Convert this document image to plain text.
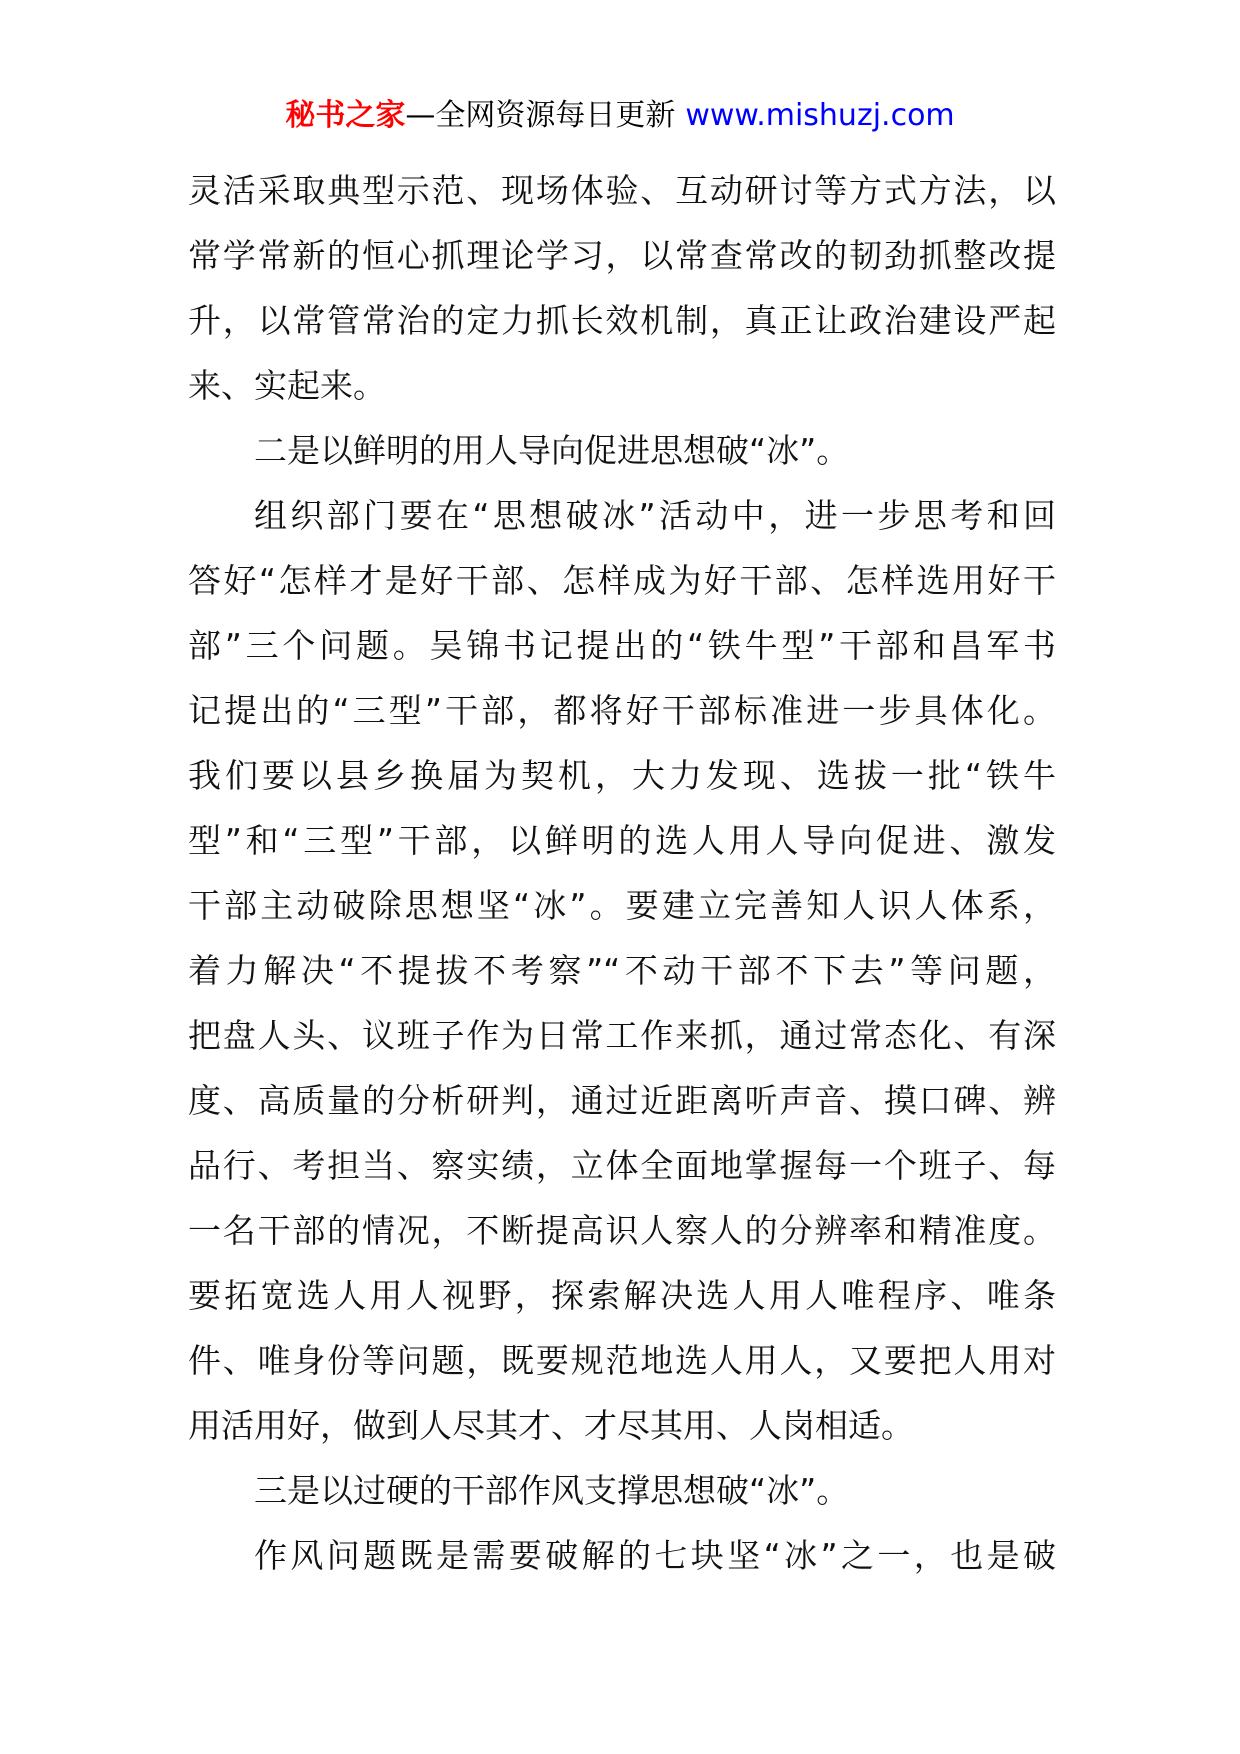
秘书之家—全网资源每日更新 www.mishuzj.com
灵活采取典型示范、现场体验、互动研讨等方式方法，以
常学常新的恒心抓理论学习，以常查常改的韧劲抓整改提
升，以常管常治的定力抓长效机制，真正让政治建设严起
来、实起来。
二是以鲜明的用人导向促进思想破“冰”。
组织部门要在“思想破冰”活动中，进一步思考和回
答好“怎样才是好干部、怎样成为好干部、怎样选用好干
部”三个问题。吴锦书记提出的“铁牛型”干部和昌军书
记提出的“三型”干部，都将好干部标准进一步具体化。
我们要以县乡换届为契机，大力发现、选拔一批“铁牛
型”和“三型”干部，以鲜明的选人用人导向促进、激发
干部主动破除思想坚“冰”。要建立完善知人识人体系，
着力解决“不提拔不考察”“不动干部不下去”等问题，
把盘人头、议班子作为日常工作来抓，通过常态化、有深
度、高质量的分析研判，通过近距离听声音、摸口碑、辨
品行、考担当、察实绩，立体全面地掌握每一个班子、每
一名干部的情况，不断提高识人察人的分辨率和精准度。
要拓宽选人用人视野，探索解决选人用人唯程序、唯条
件、唯身份等问题，既要规范地选人用人，又要把人用对
用活用好，做到人尽其才、才尽其用、人岗相适。
三是以过硬的干部作风支撑思想破“冰”。
作风问题既是需要破解的七块坚“冰”之一，也是破
